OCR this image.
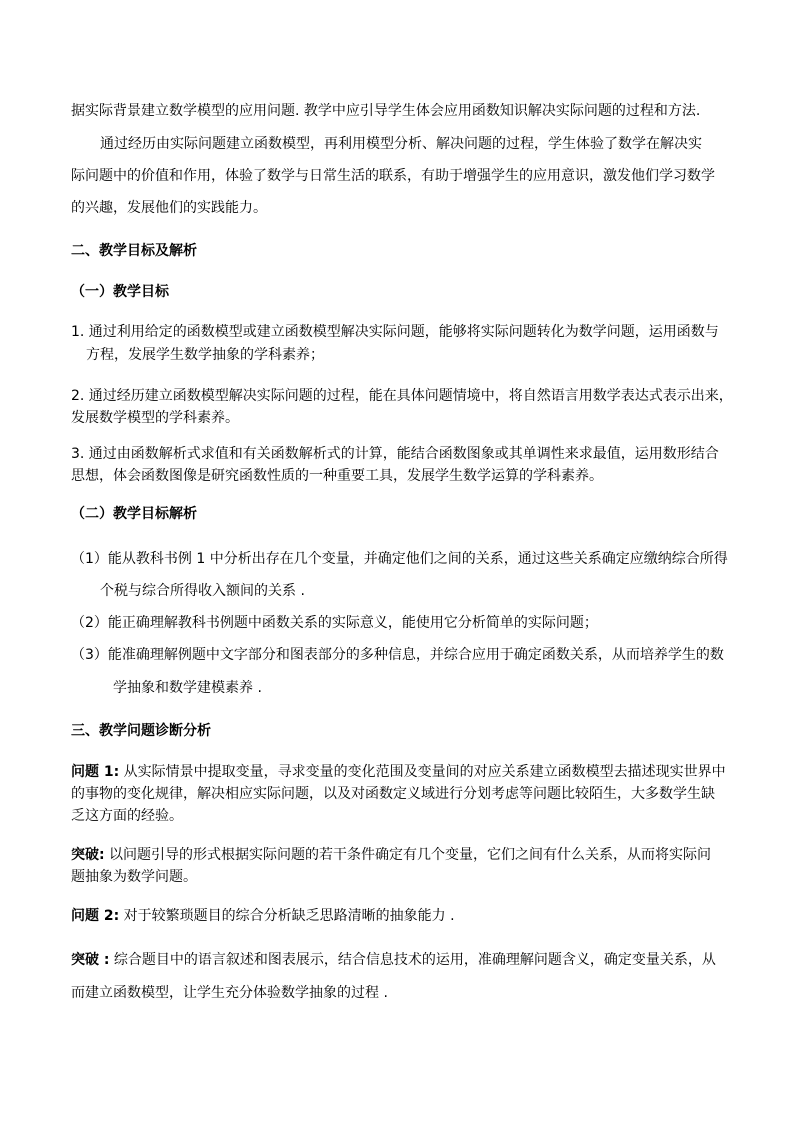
据实际背景建立数学模型的应用问题. 教学中应引导学生体会应用函数知识解决实际问题的过程和方法.
通过经历由实际问题建立函数模型，再利用模型分析、解决问题的过程，学生体验了数学在解决实
际问题中的价值和作用，体验了数学与日常生活的联系，有助于增强学生的应用意识，激发他们学习数学
的兴趣，发展他们的实践能力。
二、教学目标及解析
（一）教学目标
1. 通过利用给定的函数模型或建立函数模型解决实际问题，能够将实际问题转化为数学问题，运用函数与
方程，发展学生数学抽象的学科素养；
2. 通过经历建立函数模型解决实际问题的过程，能在具体问题情境中，将自然语言用数学表达式表示出来，
发展数学模型的学科素养。
3. 通过由函数解析式求值和有关函数解析式的计算，能结合函数图象或其单调性来求最值，运用数形结合
思想，体会函数图像是研究函数性质的一种重要工具，发展学生数学运算的学科素养。
（二）教学目标解析
（1）能从教科书例 1 中分析出存在几个变量，并确定他们之间的关系，通过这些关系确定应缴纳综合所得
个税与综合所得收入额间的关系 .
（2）能正确理解教科书例题中函数关系的实际意义，能使用它分析简单的实际问题；
（3）能准确理解例题中文字部分和图表部分的多种信息，并综合应用于确定函数关系，从而培养学生的数
学抽象和数学建模素养 .
三、教学问题诊断分析
问题 1: 从实际情景中提取变量，寻求变量的变化范围及变量间的对应关系建立函数模型去描述现实世界中
的事物的变化规律，解决相应实际问题，以及对函数定义域进行分划考虑等问题比较陌生，大多数学生缺
乏这方面的经验。
突破: 以问题引导的形式根据实际问题的若干条件确定有几个变量，它们之间有什么关系，从而将实际问
题抽象为数学问题。
问题 2: 对于较繁琐题目的综合分析缺乏思路清晰的抽象能力 .
突破 : 综合题目中的语言叙述和图表展示，结合信息技术的运用，准确理解问题含义，确定变量关系，从
而建立函数模型，让学生充分体验数学抽象的过程 .
